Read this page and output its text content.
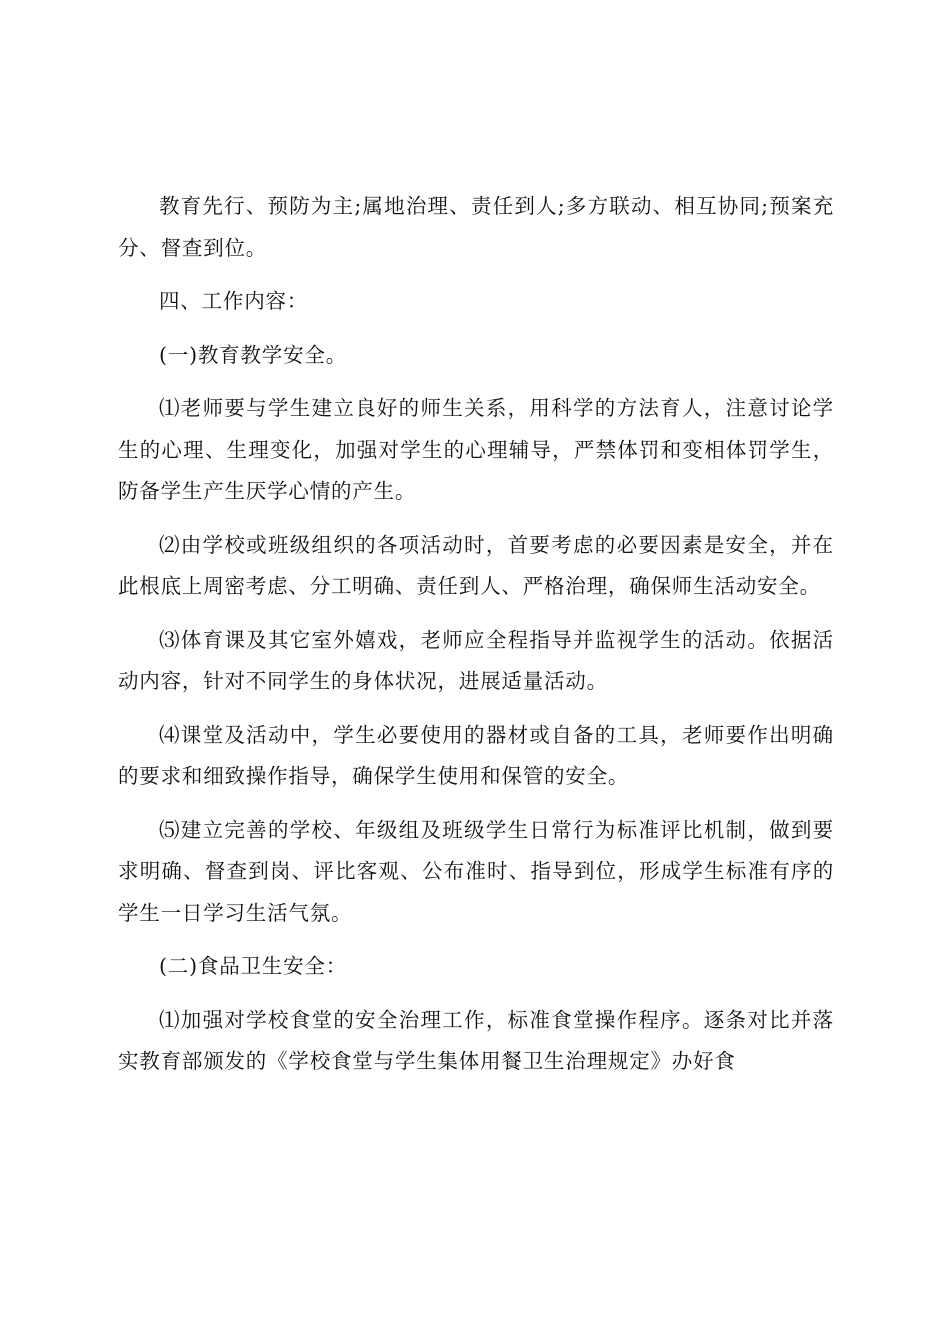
教育先行、预防为主;属地治理、责任到人;多方联动、相互协同;预案充分、督查到位。

四、工作内容：

(一)教育教学安全。

⑴老师要与学生建立良好的师生关系，用科学的方法育人，注意讨论学生的心理、生理变化，加强对学生的心理辅导，严禁体罚和变相体罚学生，防备学生产生厌学心情的产生。

⑵由学校或班级组织的各项活动时，首要考虑的必要因素是安全，并在此根底上周密考虑、分工明确、责任到人、严格治理，确保师生活动安全。

⑶体育课及其它室外嬉戏，老师应全程指导并监视学生的活动。依据活动内容，针对不同学生的身体状况，进展适量活动。

⑷课堂及活动中，学生必要使用的器材或自备的工具，老师要作出明确的要求和细致操作指导，确保学生使用和保管的安全。

⑸建立完善的学校、年级组及班级学生日常行为标准评比机制，做到要求明确、督查到岗、评比客观、公布准时、指导到位，形成学生标准有序的学生一日学习生活气氛。

(二)食品卫生安全：

⑴加强对学校食堂的安全治理工作，标准食堂操作程序。逐条对比并落实教育部颁发的《学校食堂与学生集体用餐卫生治理规定》办好食
